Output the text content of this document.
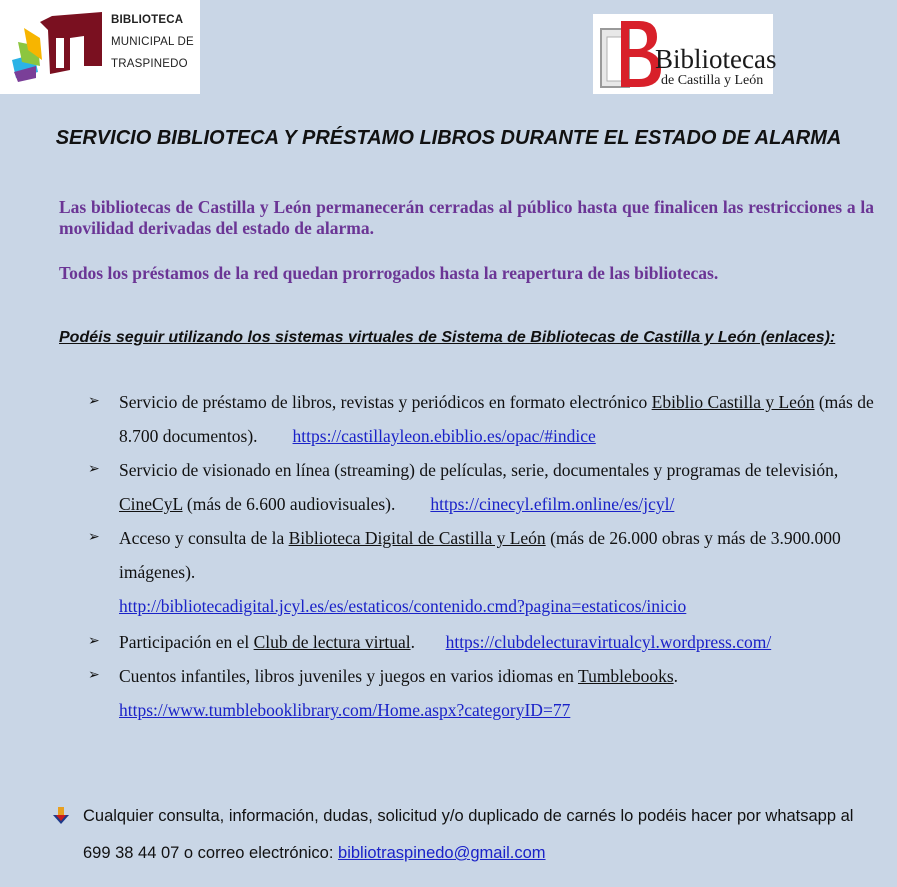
BIBLIOTECA
MUNICIPAL DE
TRASPINEDO	Bibliotecas
de Castilla y León
SERVICIO BIBLIOTECA Y PRÉSTAMO LIBROS DURANTE EL ESTADO DE ALARMA

Las bibliotecas de Castilla y León permanecerán cerradas al público hasta que finalicen las restricciones a la movilidad derivadas del estado de alarma.

Todos los préstamos de la red quedan prorrogados hasta la reapertura de las bibliotecas.

Podéis seguir utilizando los sistemas virtuales de Sistema de Bibliotecas de Castilla y León (enlaces):

➢ Servicio de préstamo de libros, revistas y periódicos en formato electrónico Ebiblio Castilla y León (más de 8.700 documentos). https://castillayleon.ebiblio.es/opac/#indice
➢ Servicio de visionado en línea (streaming) de películas, serie, documentales y programas de televisión, CineCyL (más de 6.600 audiovisuales). https://cinecyl.efilm.online/es/jcyl/
➢ Acceso y consulta de la Biblioteca Digital de Castilla y León (más de 26.000 obras y más de 3.900.000 imágenes).
http://bibliotecadigital.jcyl.es/es/estaticos/contenido.cmd?pagina=estaticos/inicio
➢ Participación en el Club de lectura virtual. https://clubdelecturavirtualcyl.wordpress.com/
➢ Cuentos infantiles, libros juveniles y juegos en varios idiomas en Tumblebooks.
https://www.tumblebooklibrary.com/Home.aspx?categoryID=77
Cualquier consulta, información, dudas, solicitud y/o duplicado de carnés lo podéis hacer por whatsapp al 699 38 44 07 o correo electrónico: bibliotraspinedo@gmail.com
